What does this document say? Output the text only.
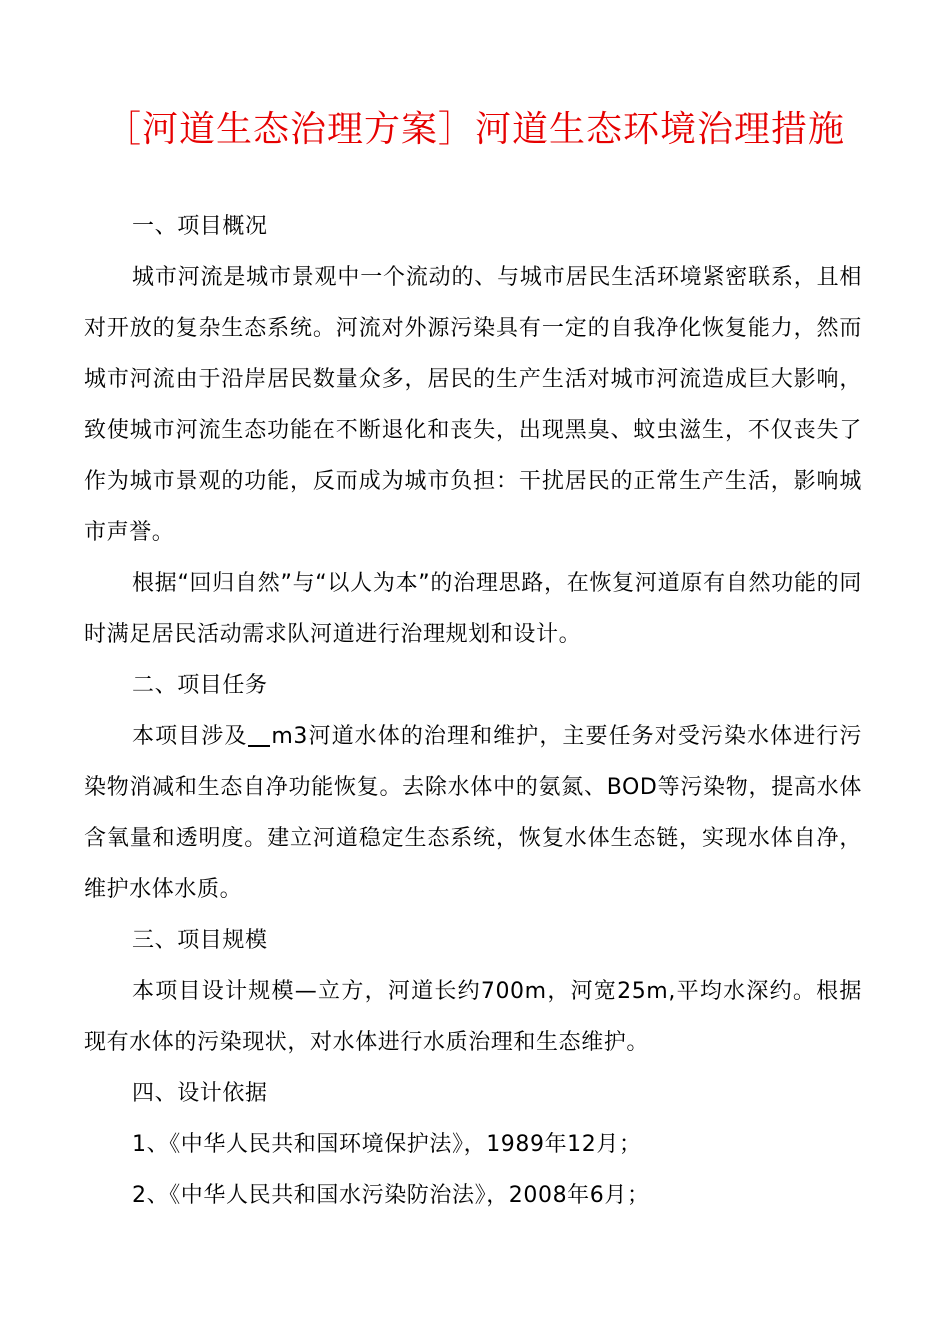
［河道生态治理方案］河道生态环境治理措施

一、项目概况

城市河流是城市景观中一个流动的、与城市居民生活环境紧密联系，且相对开放的复杂生态系统。河流对外源污染具有一定的自我净化恢复能力，然而城市河流由于沿岸居民数量众多，居民的生产生活对城市河流造成巨大影响，致使城市河流生态功能在不断退化和丧失，出现黑臭、蚊虫滋生，不仅丧失了作为城市景观的功能，反而成为城市负担：干扰居民的正常生产生活，影响城市声誉。

根据“回归自然”与“以人为本”的治理思路，在恢复河道原有自然功能的同时满足居民活动需求队河道进行治理规划和设计。

二、项目任务

本项目涉及 m3河道水体的治理和维护，主要任务对受污染水体进行污染物消减和生态自净功能恢复。去除水体中的氨氮、BOD等污染物，提高水体含氧量和透明度。建立河道稳定生态系统，恢复水体生态链，实现水体自净，维护水体水质。

三、项目规模

本项目设计规模—立方，河道长约700m，河宽25m,平均水深约。根据现有水体的污染现状，对水体进行水质治理和生态维护。

四、设计依据

1、《中华人民共和国环境保护法》，1989年12月；

2、《中华人民共和国水污染防治法》，2008年6月；
